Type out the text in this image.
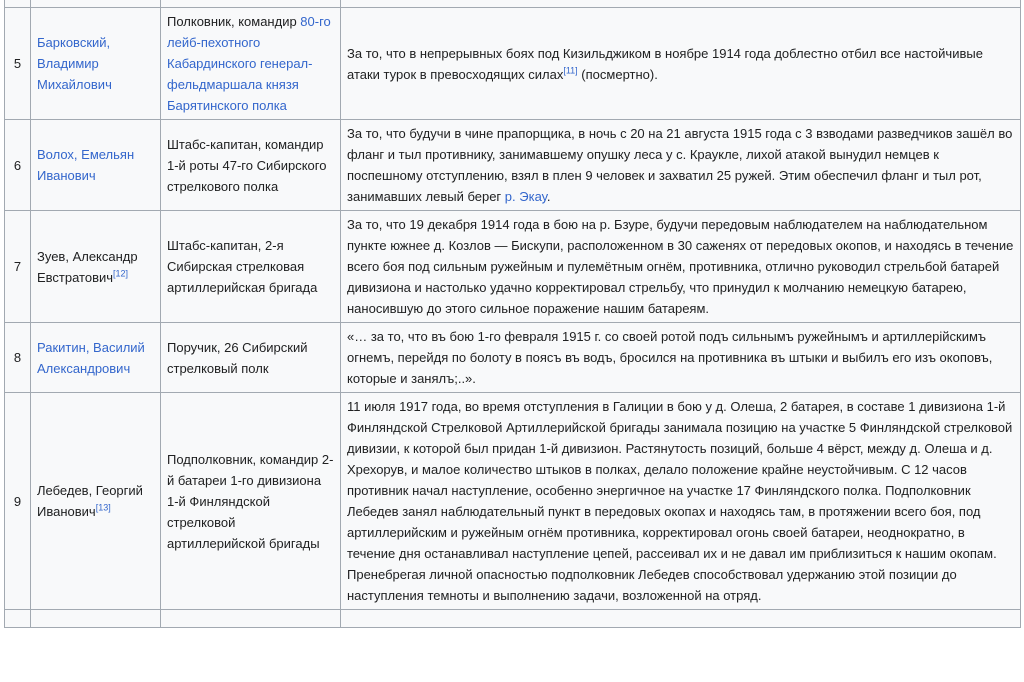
5	Барковский, Владимир Михайлович	Полковник, командир 80-го лейб-пехотного Кабардинского генерал-фельдмаршала князя Барятинского полка	За то, что в непрерывных боях под Кизильджиком в ноябре 1914 года доблестно отбил все настойчивые атаки турок в превосходящих силах[11] (посмертно).
6	Волох, Емельян Иванович	Штабс-капитан, командир 1-й роты 47-го Сибирского стрелкового полка	За то, что будучи в чине прапорщика, в ночь с 20 на 21 августа 1915 года с 3 взводами разведчиков зашёл во фланг и тыл противнику, занимавшему опушку леса у с. Краукле, лихой атакой вынудил немцев к поспешному отступлению, взял в плен 9 человек и захватил 25 ружей. Этим обеспечил фланг и тыл рот, занимавших левый берег р. Экау.
7	Зуев, Александр Евстратович[12]	Штабс-капитан, 2-я Сибирская стрелковая артиллерийская бригада	За то, что 19 декабря 1914 года в бою на р. Бзуре, будучи передовым наблюдателем на наблюдательном пункте южнее д. Козлов — Бискупи, расположенном в 30 саженях от передовых окопов, и находясь в течение всего боя под сильным ружейным и пулемётным огнём, противника, отлично руководил стрельбой батарей дивизиона и настолько удачно корректировал стрельбу, что принудил к молчанию немецкую батарею, наносившую до этого сильное поражение нашим батареям.
8	Ракитин, Василий Александрович	Поручик, 26 Сибирский стрелковый полк	«… за то, что въ бою 1-го февраля 1915 г. со своей ротой подъ сильнымъ ружейнымъ и артиллерійскимъ огнемъ, перейдя по болоту в поясъ въ водъ, бросился на противника въ штыки и выбилъ его изъ окоповъ, которые и занялъ;..».
9	Лебедев, Георгий Иванович[13]	Подполковник, командир 2-й батареи 1-го дивизиона 1-й Финляндской стрелковой артиллерийской бригады	11 июля 1917 года, во время отступления в Галиции в бою у д. Олеша, 2 батарея, в составе 1 дивизиона 1-й Финляндской Стрелковой Артиллерийской бригады занимала позицию на участке 5 Финляндской стрелковой дивизии, к которой был придан 1-й дивизион. Растянутость позиций, больше 4 вёрст, между д. Олеша и д. Хрехорув, и малое количество штыков в полках, делало положение крайне неустойчивым. С 12 часов противник начал наступление, особенно энергичное на участке 17 Финляндского полка. Подполковник Лебедев занял наблюдательный пункт в передовых окопах и находясь там, в протяжении всего боя, под артиллерийским и ружейным огнём противника, корректировал огонь своей батареи, неоднократно, в течение дня останавливал наступление цепей, рассеивал их и не давал им приблизиться к нашим окопам. Пренебрегая личной опасностью подполковник Лебедев способствовал удержанию этой позиции до наступления темноты и выполнению задачи, возложенной на отряд.
